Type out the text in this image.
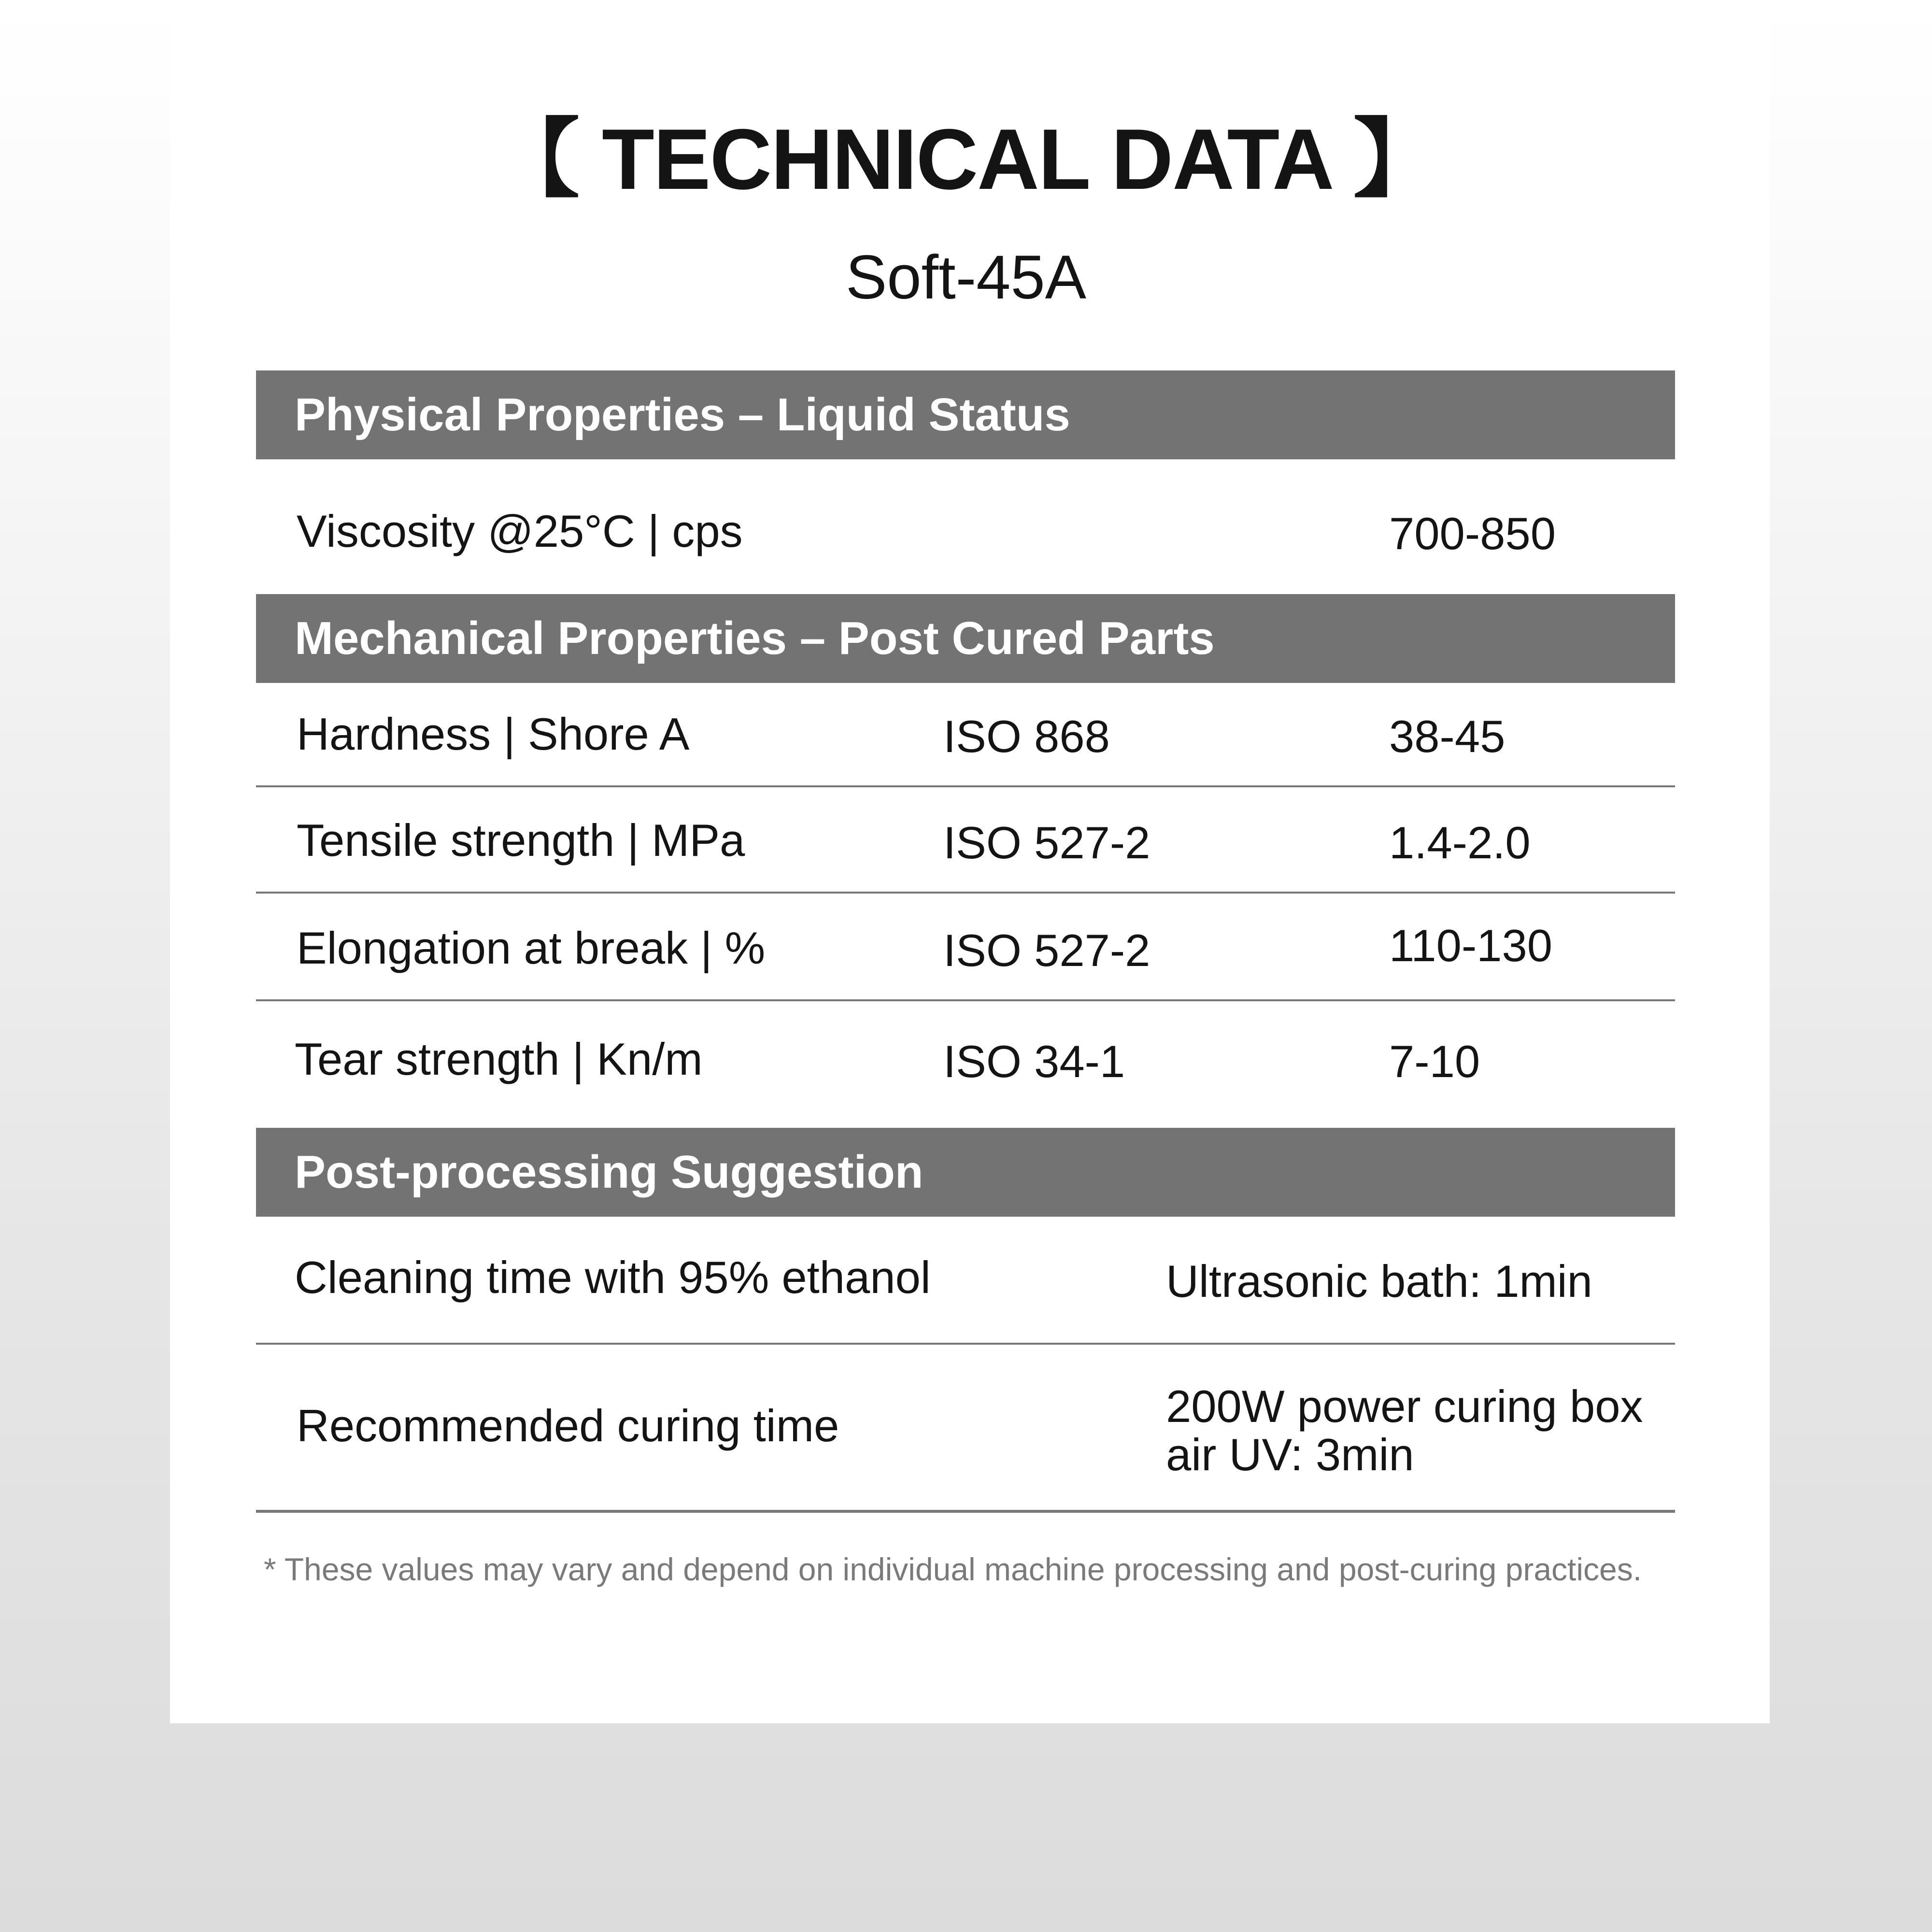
【 TECHNICAL DATA 】
Soft-45A
Physical Properties – Liquid Status
Viscosity @25°C | cps	700-850
Mechanical Properties – Post Cured Parts
Hardness | Shore A	ISO 868	38-45
Tensile strength | MPa	ISO 527-2	1.4-2.0
Elongation at break | %	ISO 527-2	110-130
Tear strength | Kn/m	ISO 34-1	7-10
Post-processing Suggestion
Cleaning time with 95% ethanol	Ultrasonic bath: 1min
Recommended curing time	200W power curing box
air UV: 3min
* These values may vary and depend on individual machine processing and post-curing practices.
